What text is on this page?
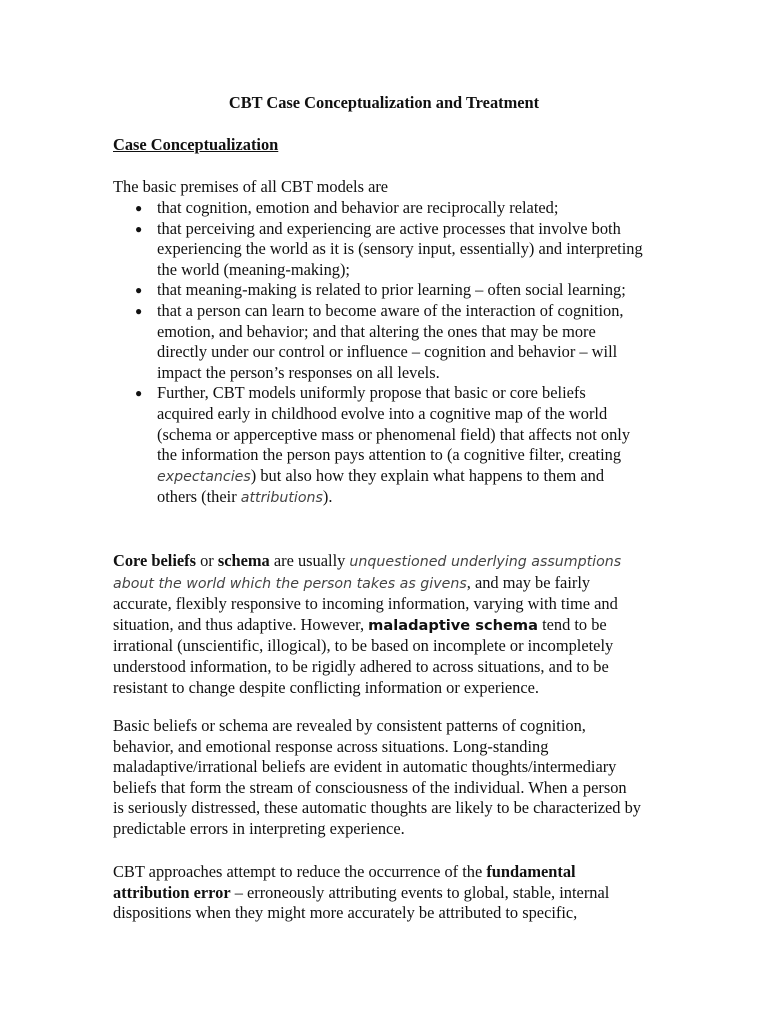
CBT Case Conceptualization and Treatment
Case Conceptualization
The basic premises of all CBT models are
● that cognition, emotion and behavior are reciprocally related;
● that perceiving and experiencing are active processes that involve both experiencing the world as it is (sensory input, essentially) and interpreting the world (meaning-making);
● that meaning-making is related to prior learning – often social learning;
● that a person can learn to become aware of the interaction of cognition, emotion, and behavior; and that altering the ones that may be more directly under our control or influence – cognition and behavior – will impact the person’s responses on all levels.
● Further, CBT models uniformly propose that basic or core beliefs acquired early in childhood evolve into a cognitive map of the world (schema or apperceptive mass or phenomenal field) that affects not only the information the person pays attention to (a cognitive filter, creating expectancies) but also how they explain what happens to them and others (their attributions).

Core beliefs or schema are usually unquestioned underlying assumptions about the world which the person takes as givens, and may be fairly accurate, flexibly responsive to incoming information, varying with time and situation, and thus adaptive. However, maladaptive schema tend to be irrational (unscientific, illogical), to be based on incomplete or incompletely understood information, to be rigidly adhered to across situations, and to be resistant to change despite conflicting information or experience.

Basic beliefs or schema are revealed by consistent patterns of cognition, behavior, and emotional response across situations. Long-standing maladaptive/irrational beliefs are evident in automatic thoughts/intermediary beliefs that form the stream of consciousness of the individual. When a person is seriously distressed, these automatic thoughts are likely to be characterized by predictable errors in interpreting experience.

CBT approaches attempt to reduce the occurrence of the fundamental attribution error – erroneously attributing events to global, stable, internal dispositions when they might more accurately be attributed to specific,
